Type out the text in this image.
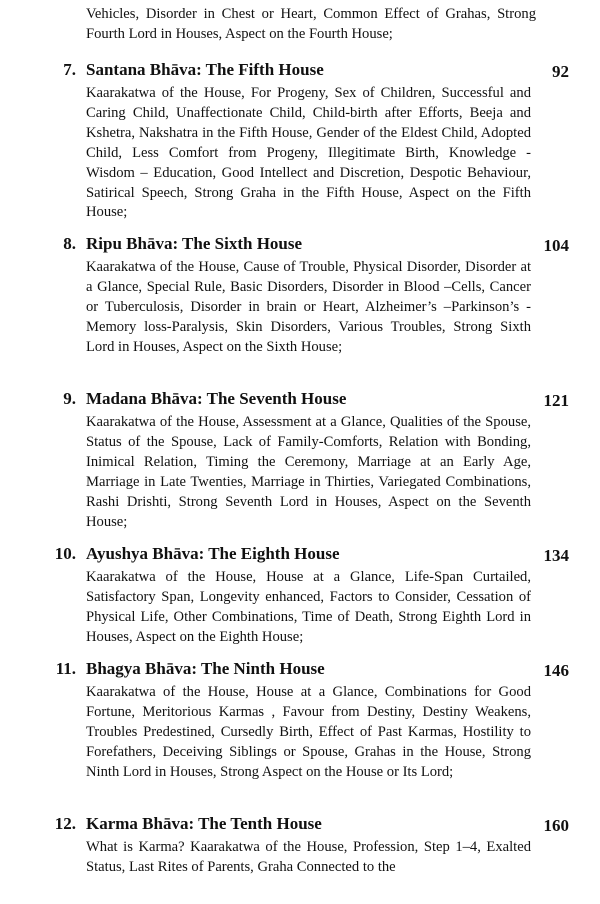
Vehicles, Disorder in Chest or Heart, Common Effect of Grahas, Strong Fourth Lord in Houses, Aspect on the Fourth House;
7. Santana Bhāva: The Fifth House	92
Kaarakatwa of the House, For Progeny, Sex of Children, Successful and Caring Child, Unaffectionate Child, Child-birth after Efforts, Beeja and Kshetra, Nakshatra in the Fifth House, Gender of the Eldest Child, Adopted Child, Less Comfort from Progeny, Illegitimate Birth, Knowledge - Wisdom – Education, Good Intellect and Discretion, Despotic Behaviour, Satirical Speech, Strong Graha in the Fifth House, Aspect on the Fifth House;
8. Ripu Bhāva: The Sixth House	104
Kaarakatwa of the House, Cause of Trouble, Physical Disorder, Disorder at a Glance, Special Rule, Basic Disorders, Disorder in Blood –Cells, Cancer or Tuberculosis, Disorder in brain or Heart, Alzheimer’s –Parkinson’s - Memory loss-Paralysis, Skin Disorders, Various Troubles, Strong Sixth Lord in Houses, Aspect on the Sixth House;
9. Madana Bhāva: The Seventh House	121
Kaarakatwa of the House, Assessment at a Glance, Qualities of the Spouse, Status of the Spouse, Lack of Family-Comforts, Relation with Bonding, Inimical Relation, Timing the Ceremony, Marriage at an Early Age, Marriage in Late Twenties, Marriage in Thirties, Variegated Combinations, Rashi Drishti, Strong Seventh Lord in Houses, Aspect on the Seventh House;
10. Ayushya Bhāva: The Eighth House	134
Kaarakatwa of the House, House at a Glance, Life-Span Curtailed, Satisfactory Span, Longevity enhanced, Factors to Consider, Cessation of Physical Life, Other Combinations, Time of Death, Strong Eighth Lord in Houses, Aspect on the Eighth House;
11. Bhagya Bhāva: The Ninth House	146
Kaarakatwa of the House, House at a Glance, Combinations for Good Fortune, Meritorious Karmas , Favour from Destiny, Destiny Weakens, Troubles Predestined, Cursedly Birth, Effect of Past Karmas, Hostility to Forefathers, Deceiving Siblings or Spouse, Grahas in the House, Strong Ninth Lord in Houses, Strong Aspect on the House or Its Lord;
12. Karma Bhāva: The Tenth House	160
What is Karma? Kaarakatwa of the House, Profession, Step 1–4, Exalted Status, Last Rites of Parents, Graha Connected to the
